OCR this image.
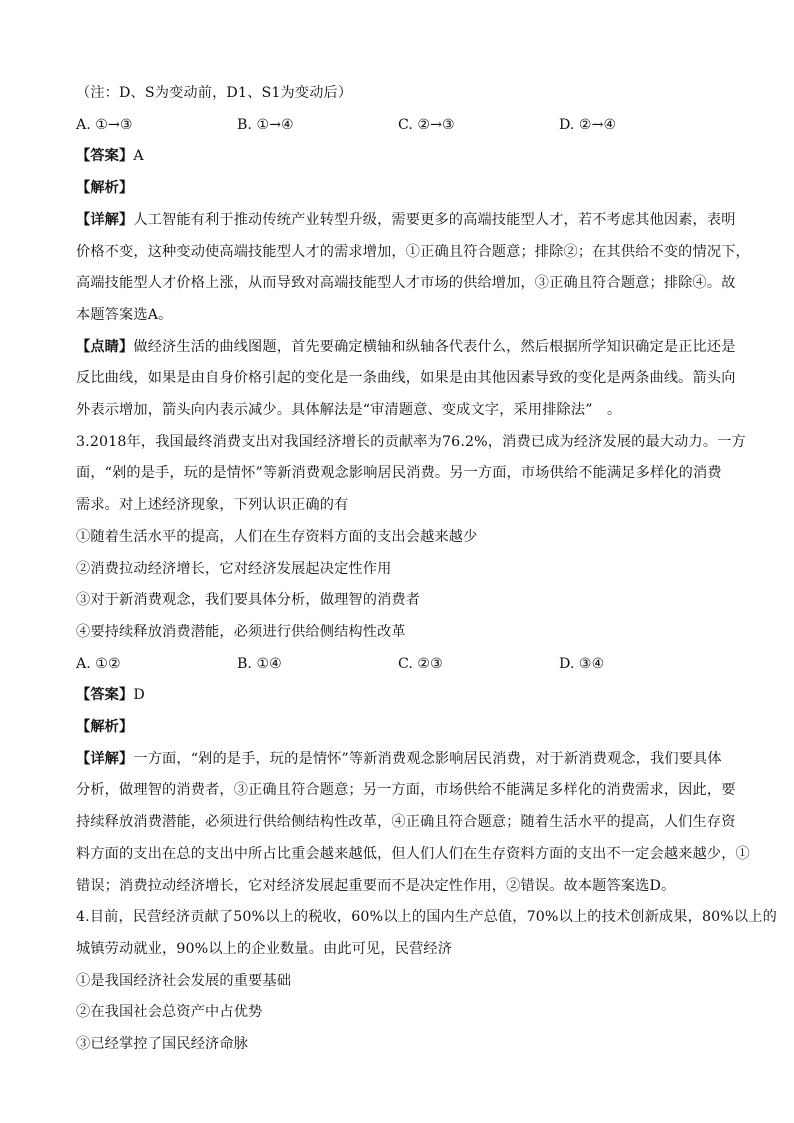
（注：D、S为变动前，D1、S1为变动后）
A. ①→③	B. ①→④	C. ②→③	D. ②→④
【答案】A
【解析】
【详解】人工智能有利于推动传统产业转型升级，需要更多的高端技能型人才，若不考虑其他因素，表明
价格不变，这种变动使高端技能型人才的需求增加，①正确且符合题意；排除②；在其供给不变的情况下，
高端技能型人才价格上涨，从而导致对高端技能型人才市场的供给增加，③正确且符合题意；排除④。故
本题答案选A。
【点睛】做经济生活的曲线图题，首先要确定横轴和纵轴各代表什么，然后根据所学知识确定是正比还是
反比曲线，如果是由自身价格引起的变化是一条曲线，如果是由其他因素导致的变化是两条曲线。箭头向
外表示增加，箭头向内表示减少。具体解法是“审清题意、变成文字，采用排除法”　。
3.2018年，我国最终消费支出对我国经济增长的贡献率为76.2%，消费已成为经济发展的最大动力。一方
面，“剁的是手，玩的是情怀”等新消费观念影响居民消费。另一方面，市场供给不能满足多样化的消费
需求。对上述经济现象，下列认识正确的有
①随着生活水平的提高，人们在生存资料方面的支出会越来越少
②消费拉动经济增长，它对经济发展起决定性作用
③对于新消费观念，我们要具体分析，做理智的消费者
④要持续释放消费潜能，必须进行供给侧结构性改革
A. ①②	B. ①④	C. ②③	D. ③④
【答案】D
【解析】
【详解】一方面，“剁的是手，玩的是情怀”等新消费观念影响居民消费，对于新消费观念，我们要具体
分析，做理智的消费者，③正确且符合题意；另一方面，市场供给不能满足多样化的消费需求，因此，要
持续释放消费潜能，必须进行供给侧结构性改革，④正确且符合题意；随着生活水平的提高，人们生存资
料方面的支出在总的支出中所占比重会越来越低，但人们人们在生存资料方面的支出不一定会越来越少，①
错误；消费拉动经济增长，它对经济发展起重要而不是决定性作用，②错误。故本题答案选D。
4.目前，民营经济贡献了50%以上的税收，60%以上的国内生产总值，70%以上的技术创新成果，80%以上的
城镇劳动就业，90%以上的企业数量。由此可见，民营经济
①是我国经济社会发展的重要基础
②在我国社会总资产中占优势
③已经掌控了国民经济命脉
